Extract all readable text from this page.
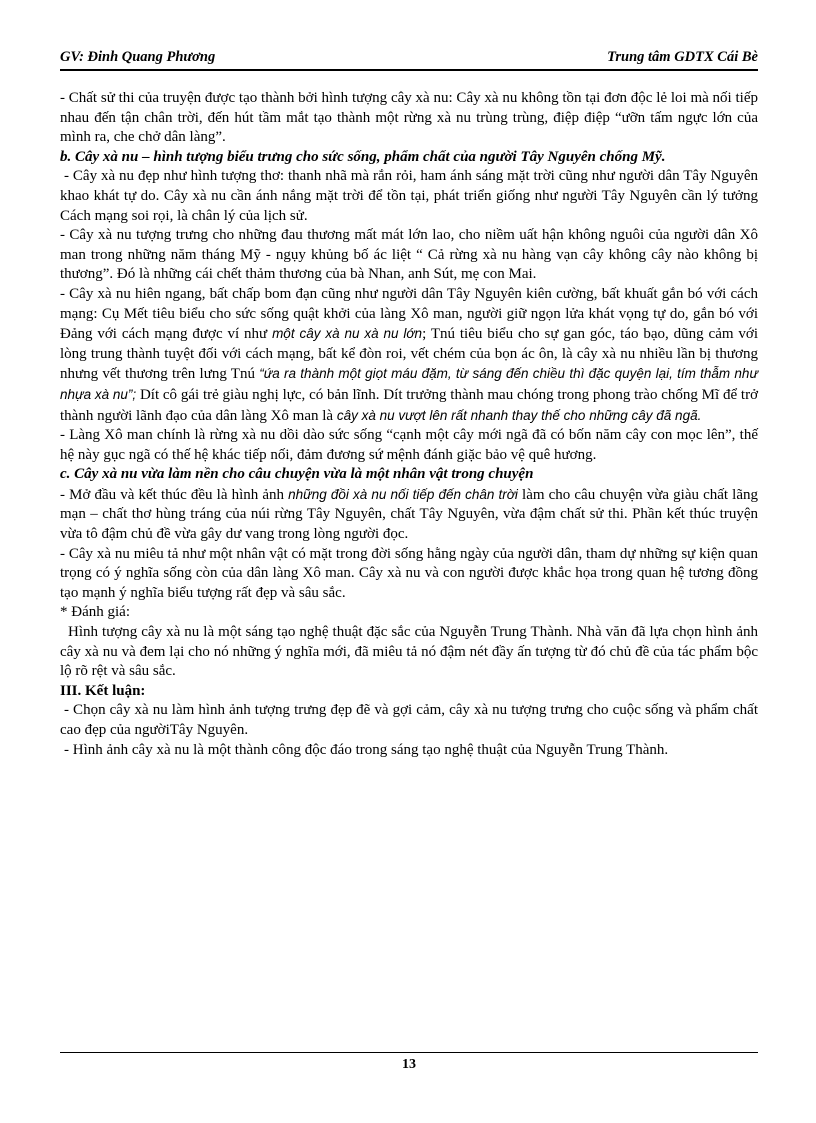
GV: Đinh Quang Phương	Trung tâm GDTX Cái Bè

- Chất sử thi của truyện được tạo thành bởi hình tượng cây xà nu: Cây xà nu không tồn tại đơn độc lẻ loi mà nối tiếp nhau đến tận chân trời, đến hút tầm mắt tạo thành một rừng xà nu trùng trùng, điệp điệp “ưỡn tấm ngực lớn của mình ra, che chở dân làng”.

b. Cây xà nu – hình tượng biểu trưng cho sức sống, phẩm chất của người Tây Nguyên chống Mỹ.

- Cây xà nu đẹp như hình tượng thơ: thanh nhã mà rắn rỏi, ham ánh sáng mặt trời cũng như người dân Tây Nguyên khao khát tự do. Cây xà nu cần ánh nắng mặt trời để tồn tại, phát triển giống như người Tây Nguyên cần lý tưởng Cách mạng soi rọi, là chân lý của lịch sử.

- Cây xà nu tượng trưng cho những đau thương mất mát lớn lao, cho niềm uất hận không nguôi của người dân Xô man trong những năm tháng Mỹ - ngụy khủng bố ác liệt “ Cả rừng xà nu hàng vạn cây không cây nào không bị thương”. Đó là những cái chết thảm thương của bà Nhan, anh Sút, mẹ con Mai.

- Cây xà nu hiên ngang, bất chấp bom đạn cũng như người dân Tây Nguyên kiên cường, bất khuất gắn bó với cách mạng: Cụ Mết tiêu biểu cho sức sống quật khởi của làng Xô man, người giữ ngọn lửa khát vọng tự do, gắn bó với Đảng với cách mạng được ví như một cây xà nu xà nu lớn; Tnú tiêu biểu cho sự gan góc, táo bạo, dũng cảm với lòng trung thành tuyệt đối với cách mạng, bất kể đòn roi, vết chém của bọn ác ôn, là cây xà nu nhiều lần bị thương nhưng vết thương trên lưng Tnú “ứa ra thành một giọt máu đặm, từ sáng đến chiều thì đặc quyện lại, tím thẫm như nhựa xà nu”; Dít cô gái trẻ giàu nghị lực, có bản lĩnh. Dít trưởng thành mau chóng trong phong trào chống Mĩ để trở thành người lãnh đạo của dân làng Xô man là cây xà nu vượt lên rất nhanh thay thế cho những cây đã ngã.

- Làng Xô man chính là rừng xà nu dồi dào sức sống “cạnh một cây mới ngã đã có bốn năm cây con mọc lên”, thế hệ này gục ngã có thế hệ khác tiếp nối, đảm đương sứ mệnh đánh giặc bảo vệ quê hương.

c. Cây xà nu vừa làm nền cho câu chuyện vừa là một nhân vật trong chuyện

- Mở đầu và kết thúc đều là hình ảnh những đồi xà nu nối tiếp đến chân trời làm cho câu chuyện vừa giàu chất lãng mạn – chất thơ hùng tráng của núi rừng Tây Nguyên, chất Tây Nguyên, vừa đậm chất sử thi. Phần kết thúc truyện vừa tô đậm chủ đề vừa gây dư vang trong lòng người đọc.

- Cây xà nu miêu tả như một nhân vật có mặt trong đời sống hằng ngày của người dân, tham dự những sự kiện quan trọng có ý nghĩa sống còn của dân làng Xô man. Cây xà nu và con người được khắc họa trong quan hệ tương đồng tạo mạnh ý nghĩa biểu tượng rất đẹp và sâu sắc.

* Đánh giá:

Hình tượng cây xà nu là một sáng tạo nghệ thuật đặc sắc của Nguyễn Trung Thành. Nhà văn đã lựa chọn hình ảnh cây xà nu và đem lại cho nó những ý nghĩa mới, đã miêu tả nó đậm nét đầy ấn tượng từ đó chủ đề của tác phẩm bộc lộ rõ rệt và sâu sắc.

III. Kết luận:

- Chọn cây xà nu làm hình ảnh tượng trưng đẹp đẽ và gợi cảm, cây xà nu tượng trưng cho cuộc sống và phẩm chất cao đẹp của ngườiTây Nguyên.

- Hình ảnh cây xà nu là một thành công độc đáo trong sáng tạo nghệ thuật của Nguyễn Trung Thành.

13
